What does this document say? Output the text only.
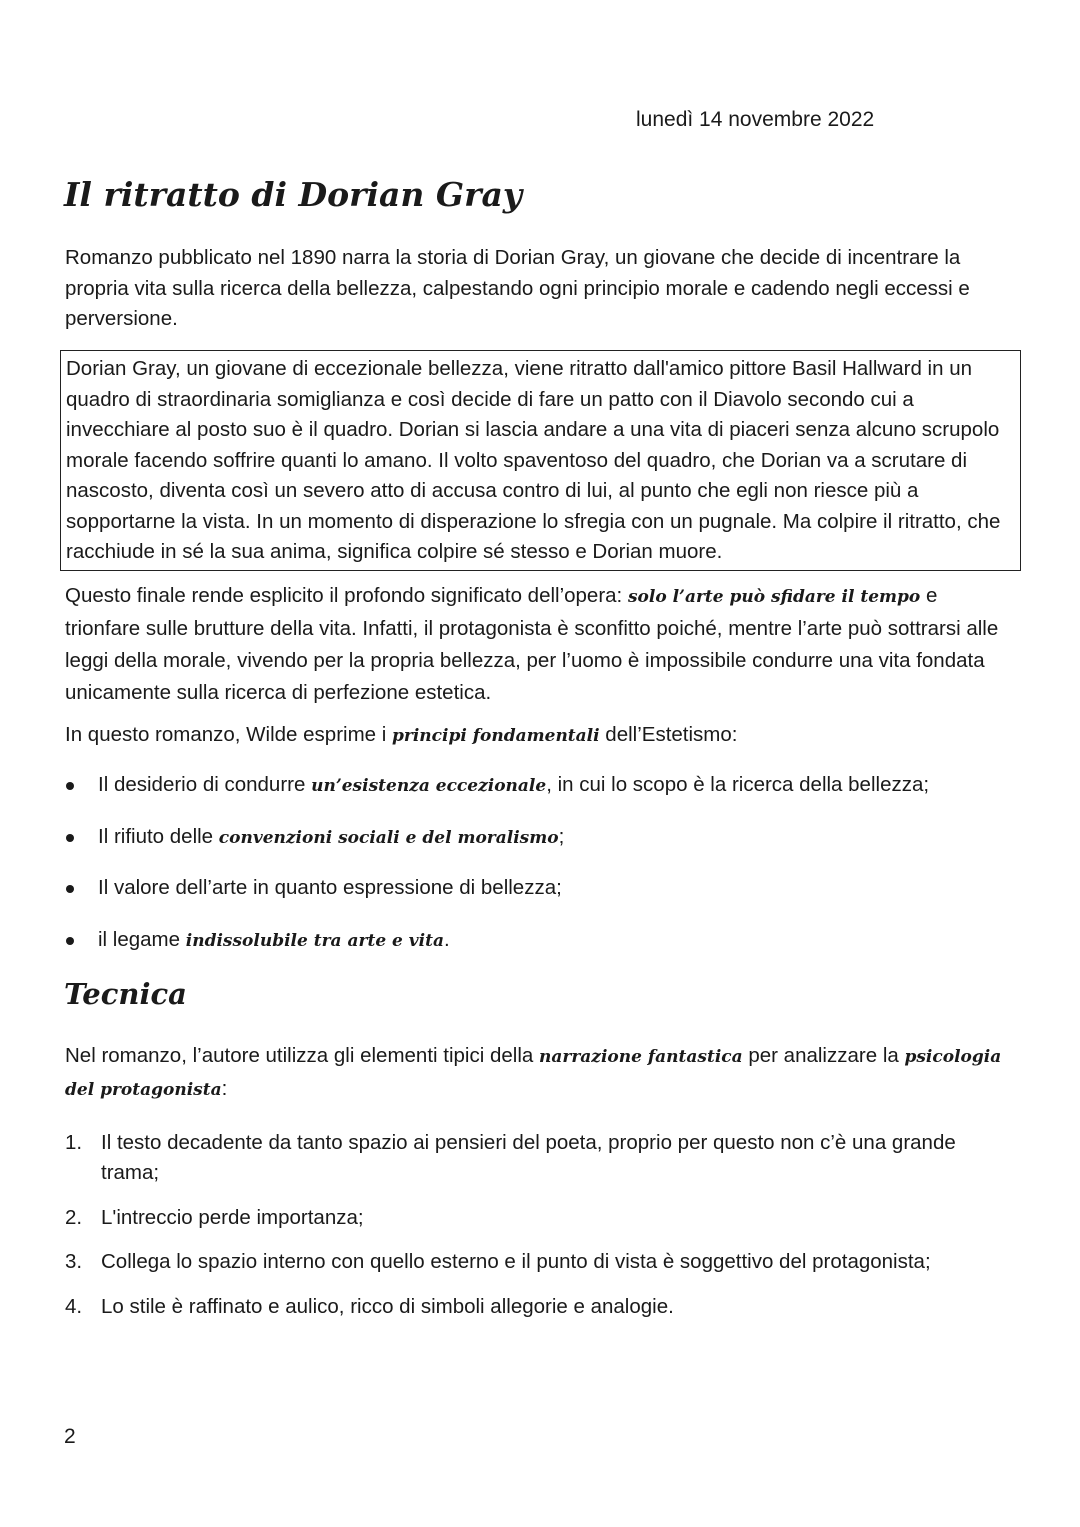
lunedì 14 novembre 2022
Il ritratto di Dorian Gray

Romanzo pubblicato nel 1890 narra la storia di Dorian Gray, un giovane che decide di incentrare la propria vita sulla ricerca della bellezza, calpestando ogni principio morale e cadendo negli eccessi e perversione.

Dorian Gray, un giovane di eccezionale bellezza, viene ritratto dall'amico pittore Basil Hallward in un quadro di straordinaria somiglianza e così decide di fare un patto con il Diavolo secondo cui a invecchiare al posto suo è il quadro. Dorian si lascia andare a una vita di piaceri senza alcuno scrupolo morale facendo soffrire quanti lo amano. Il volto spaventoso del quadro, che Dorian va a scrutare di nascosto, diventa così un severo atto di accusa contro di lui, al punto che egli non riesce più a sopportarne la vista. In un momento di disperazione lo sfregia con un pugnale. Ma colpire il ritratto, che racchiude in sé la sua anima, significa colpire sé stesso e Dorian muore.

Questo finale rende esplicito il profondo significato dell’opera: solo l’arte può sfidare il tempo e trionfare sulle brutture della vita. Infatti, il protagonista è sconfitto poiché, mentre l’arte può sottrarsi alle leggi della morale, vivendo per la propria bellezza, per l’uomo è impossibile condurre una vita fondata unicamente sulla ricerca di perfezione estetica.

In questo romanzo, Wilde esprime i principi fondamentali dell’Estetismo:

Il desiderio di condurre un’esistenza eccezionale, in cui lo scopo è la ricerca della bellezza;
Il rifiuto delle convenzioni sociali e del moralismo;
Il valore dell’arte in quanto espressione di bellezza;
il legame indissolubile tra arte e vita.
Tecnica

Nel romanzo, l’autore utilizza gli elementi tipici della narrazione fantastica per analizzare la psicologia del protagonista:

1. Il testo decadente da tanto spazio ai pensieri del poeta, proprio per questo non c’è una grande trama;
2. L'intreccio perde importanza;
3. Collega lo spazio interno con quello esterno e il punto di vista è soggettivo del protagonista;
4. Lo stile è raffinato e aulico, ricco di simboli allegorie e analogie.
2
